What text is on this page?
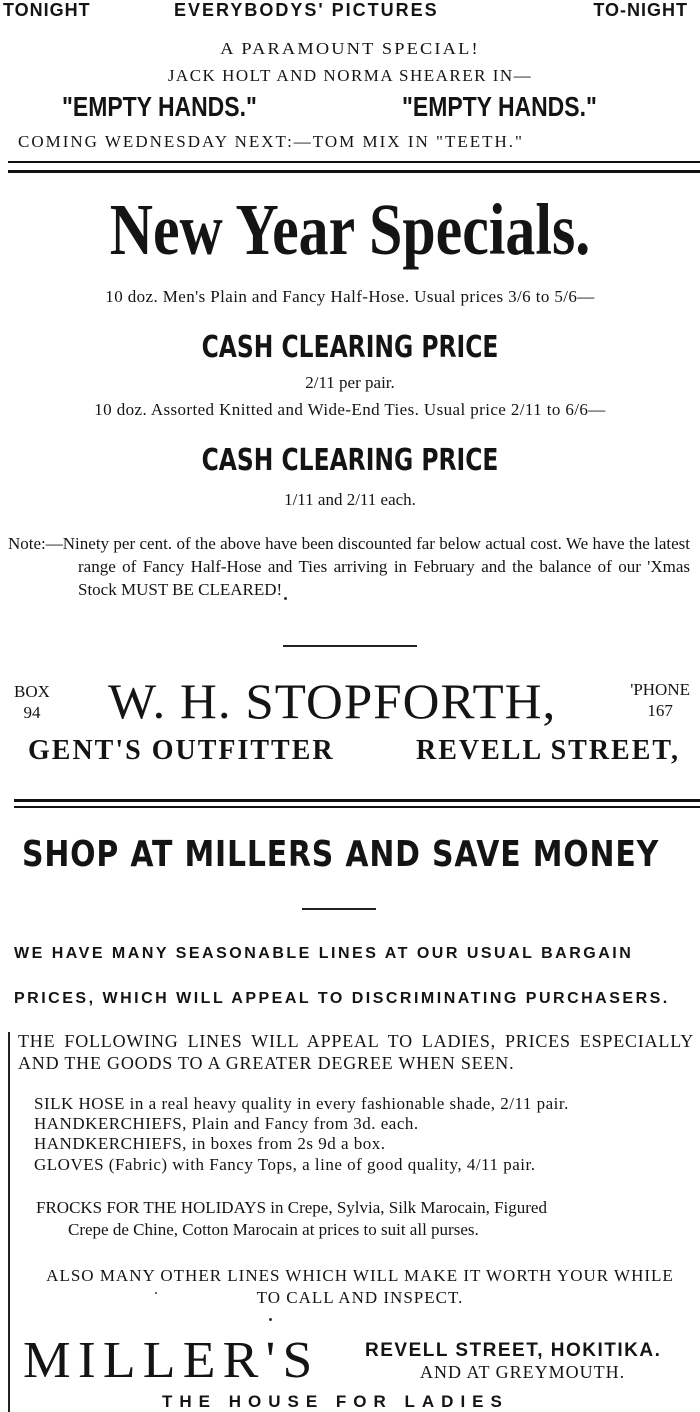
TONIGHT	EVERYBODYS' PICTURES	TO-NIGHT
A PARAMOUNT SPECIAL!
JACK HOLT AND NORMA SHEARER IN—
"EMPTY HANDS."	"EMPTY HANDS."
COMING WEDNESDAY NEXT:—TOM MIX IN "TEETH."
New Year Specials.
10 doz. Men's Plain and Fancy Half-Hose. Usual prices 3/6 to 5/6—
CASH CLEARING PRICE
2/11 per pair.
10 doz. Assorted Knitted and Wide-End Ties. Usual price 2/11 to 6/6—
CASH CLEARING PRICE
1/11 and 2/11 each.
Note:—Ninety per cent. of the above have been discounted far below actual cost. We have the latest range of Fancy Half-Hose and Ties arriving in February and the balance of our 'Xmas Stock MUST BE CLEARED!
BOX
94 W. H. STOPFORTH,	'PHONE
167
GENT'S OUTFITTER	REVELL STREET,
SHOP AT MILLERS AND SAVE MONEY
WE HAVE MANY SEASONABLE LINES AT OUR USUAL BARGAIN
PRICES, WHICH WILL APPEAL TO DISCRIMINATING PURCHASERS.
THE FOLLOWING LINES WILL APPEAL TO LADIES, PRICES ESPECIALLY AND THE GOODS TO A GREATER DEGREE WHEN SEEN.
SILK HOSE in a real heavy quality in every fashionable shade, 2/11 pair.
HANDKERCHIEFS, Plain and Fancy from 3d. each.
HANDKERCHIEFS, in boxes from 2s 9d a box.
GLOVES (Fabric) with Fancy Tops, a line of good quality, 4/11 pair.
FROCKS FOR THE HOLIDAYS in Crepe, Sylvia, Silk Marocain, Figured
Crepe de Chine, Cotton Marocain at prices to suit all purses.
ALSO MANY OTHER LINES WHICH WILL MAKE IT WORTH YOUR WHILE TO CALL AND INSPECT.
MILLER'S REVELL STREET, HOKITIKA.
AND AT GREYMOUTH.
THE HOUSE FOR LADIES
